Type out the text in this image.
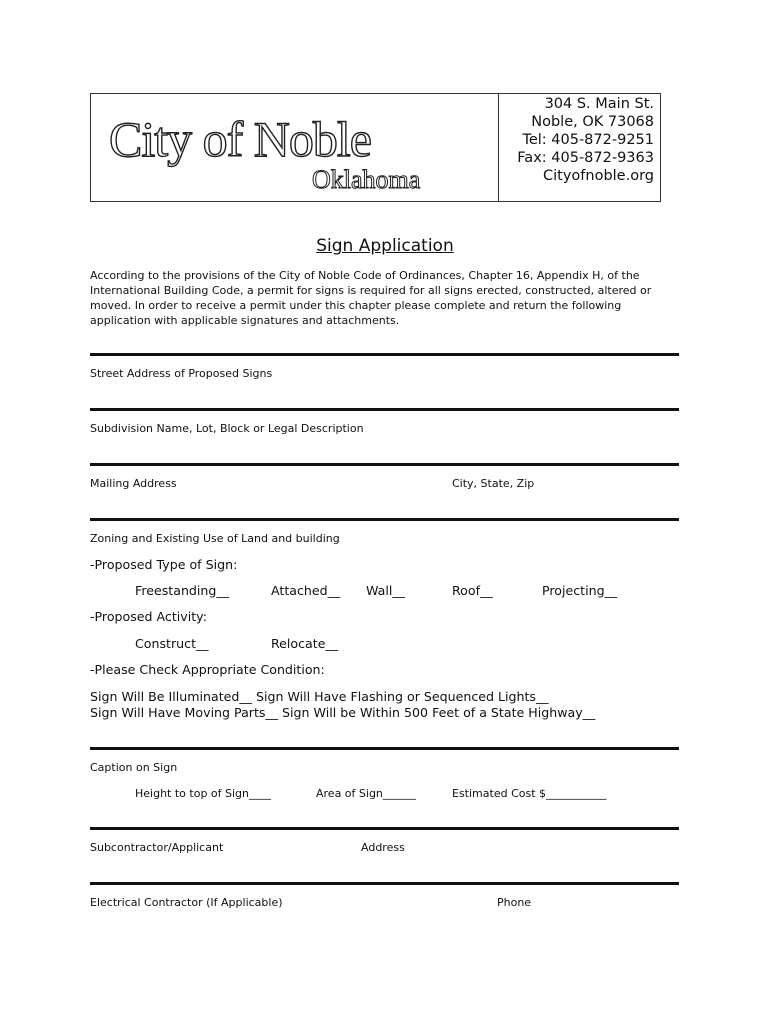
City of Noble
Oklahoma
304 S. Main St.
Noble, OK 73068
Tel: 405-872-9251
Fax: 405-872-9363
Cityofnoble.org
Sign Application
According to the provisions of the City of Noble Code of Ordinances, Chapter 16, Appendix H, of the International Building Code, a permit for signs is required for all signs erected, constructed, altered or moved. In order to receive a permit under this chapter please complete and return the following application with applicable signatures and attachments.
Street Address of Proposed Signs
Subdivision Name, Lot, Block or Legal Description
Mailing Address	City, State, Zip
Zoning and Existing Use of Land and building
-Proposed Type of Sign:
Freestanding__	Attached__ Wall__	Roof__	Projecting__
-Proposed Activity:
Construct__	Relocate__
-Please Check Appropriate Condition:
Sign Will Be Illuminated__ Sign Will Have Flashing or Sequenced Lights__
Sign Will Have Moving Parts__ Sign Will be Within 500 Feet of a State Highway__
Caption on Sign
Height to top of Sign____	Area of Sign______	Estimated Cost $___________
Subcontractor/Applicant	Address
Electrical Contractor (If Applicable)	Phone
